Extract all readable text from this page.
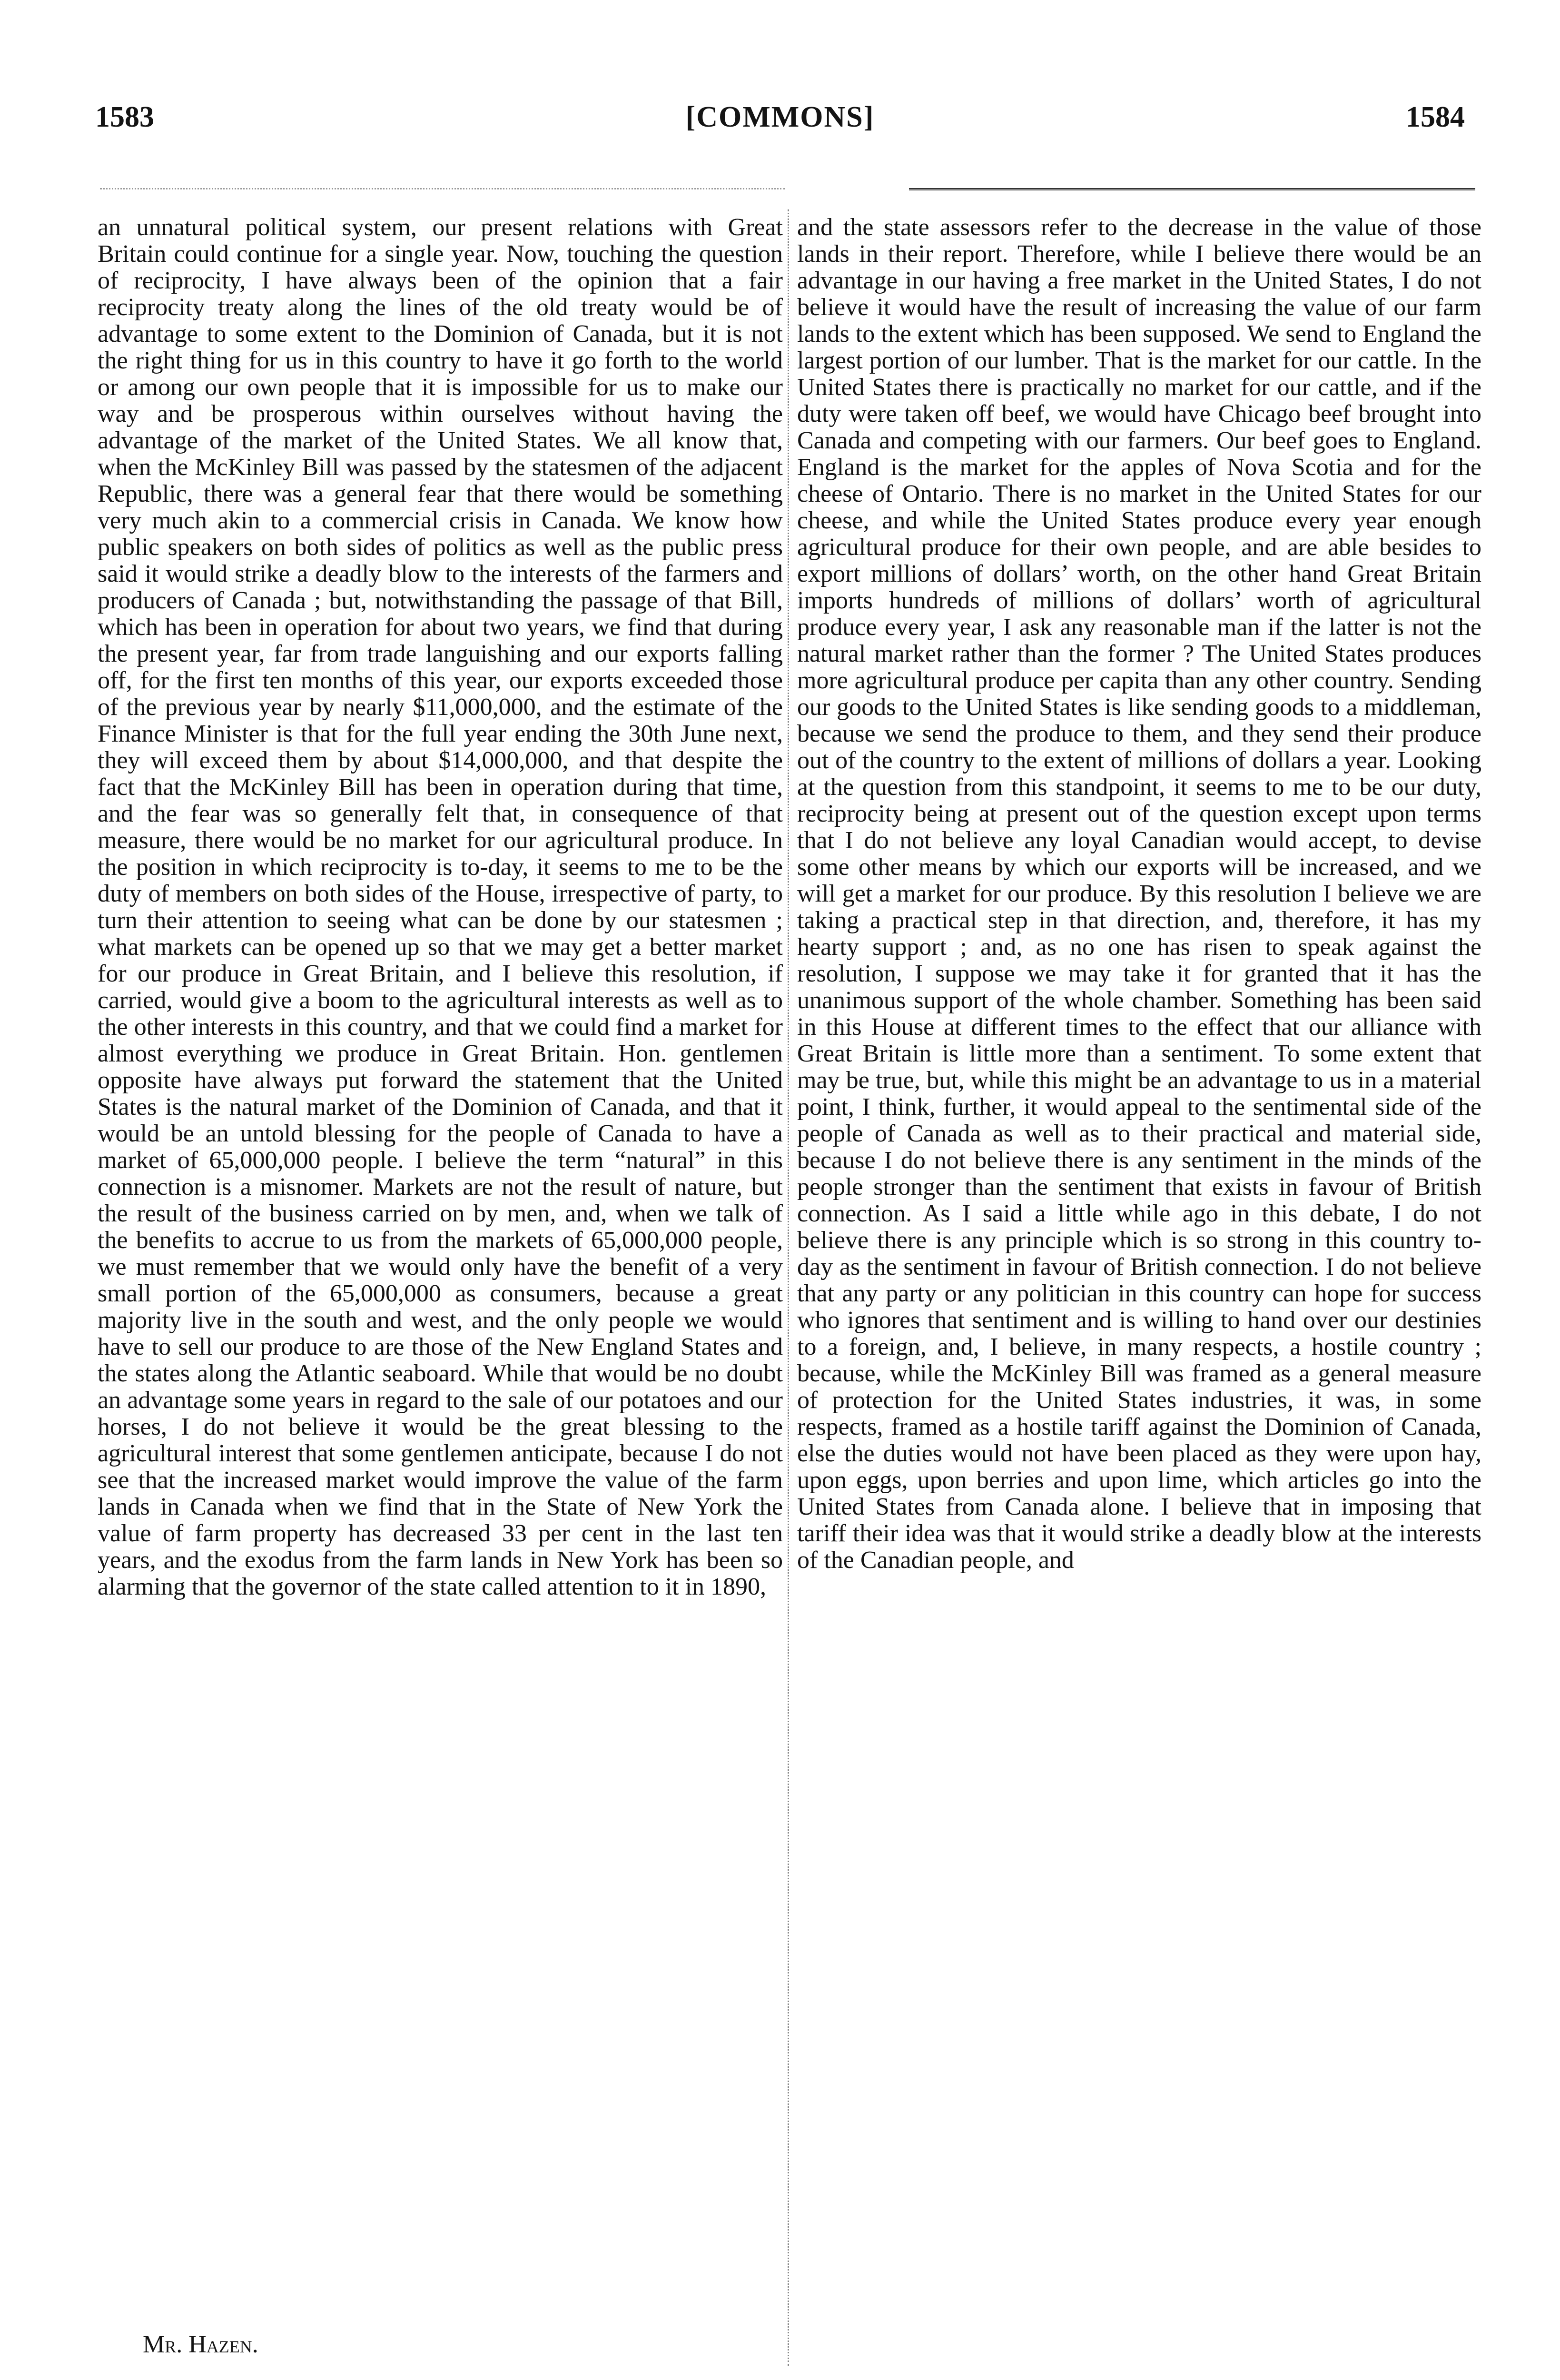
[COMMONS]
1583	1584

an unnatural political system, our present relations with Great Britain could continue for a single year. Now, touching the question of reciprocity, I have always been of the opinion that a fair reciprocity treaty along the lines of the old treaty would be of advantage to some extent to the Dominion of Canada, but it is not the right thing for us in this country to have it go forth to the world or among our own people that it is impossible for us to make our way and be prosperous within ourselves without having the advantage of the market of the United States. We all know that, when the McKinley Bill was passed by the statesmen of the adjacent Republic, there was a general fear that there would be something very much akin to a commercial crisis in Canada. We know how public speakers on both sides of politics as well as the public press said it would strike a deadly blow to the interests of the farmers and producers of Canada ; but, notwithstanding the passage of that Bill, which has been in operation for about two years, we find that during the present year, far from trade languishing and our exports falling off, for the first ten months of this year, our exports exceeded those of the previous year by nearly $11,000,000, and the estimate of the Finance Minister is that for the full year ending the 30th June next, they will exceed them by about $14,000,000, and that despite the fact that the McKinley Bill has been in operation during that time, and the fear was so generally felt that, in consequence of that measure, there would be no market for our agricultural produce. In the position in which reciprocity is to-day, it seems to me to be the duty of members on both sides of the House, irrespective of party, to turn their attention to seeing what can be done by our statesmen ; what markets can be opened up so that we may get a better market for our produce in Great Britain, and I believe this resolution, if carried, would give a boom to the agricultural interests as well as to the other interests in this country, and that we could find a market for almost everything we produce in Great Britain. Hon. gentlemen opposite have always put forward the statement that the United States is the natural market of the Dominion of Canada, and that it would be an untold blessing for the people of Canada to have a market of 65,000,000 people. I believe the term “natural” in this connection is a misnomer. Markets are not the result of nature, but the result of the business carried on by men, and, when we talk of the benefits to accrue to us from the markets of 65,000,000 people, we must remember that we would only have the benefit of a very small portion of the 65,000,000 as consumers, because a great majority live in the south and west, and the only people we would have to sell our produce to are those of the New England States and the states along the Atlantic seaboard. While that would be no doubt an advantage some years in regard to the sale of our potatoes and our horses, I do not believe it would be the great blessing to the agricultural interest that some gentlemen anticipate, because I do not see that the increased market would improve the value of the farm lands in Canada when we find that in the State of New York the value of farm property has decreased 33 per cent in the last ten years, and the exodus from the farm lands in New York has been so alarming that the governor of the state called attention to it in 1890,

and the state assessors refer to the decrease in the value of those lands in their report. Therefore, while I believe there would be an advantage in our having a free market in the United States, I do not believe it would have the result of increasing the value of our farm lands to the extent which has been supposed. We send to England the largest portion of our lumber. That is the market for our cattle. In the United States there is practically no market for our cattle, and if the duty were taken off beef, we would have Chicago beef brought into Canada and competing with our farmers. Our beef goes to England. England is the market for the apples of Nova Scotia and for the cheese of Ontario. There is no market in the United States for our cheese, and while the United States produce every year enough agricultural produce for their own people, and are able besides to export millions of dollars’ worth, on the other hand Great Britain imports hundreds of millions of dollars’ worth of agricultural produce every year, I ask any reasonable man if the latter is not the natural market rather than the former ? The United States produces more agricultural produce per capita than any other country. Sending our goods to the United States is like sending goods to a middleman, because we send the produce to them, and they send their produce out of the country to the extent of millions of dollars a year. Looking at the question from this standpoint, it seems to me to be our duty, reciprocity being at present out of the question except upon terms that I do not believe any loyal Canadian would accept, to devise some other means by which our exports will be increased, and we will get a market for our produce. By this resolution I believe we are taking a practical step in that direction, and, therefore, it has my hearty support ; and, as no one has risen to speak against the resolution, I suppose we may take it for granted that it has the unanimous support of the whole chamber. Something has been said in this House at different times to the effect that our alliance with Great Britain is little more than a sentiment. To some extent that may be true, but, while this might be an advantage to us in a material point, I think, further, it would appeal to the sentimental side of the people of Canada as well as to their practical and material side, because I do not believe there is any sentiment in the minds of the people stronger than the sentiment that exists in favour of British connection. As I said a little while ago in this debate, I do not believe there is any principle which is so strong in this country to-day as the sentiment in favour of British connection. I do not believe that any party or any politician in this country can hope for success who ignores that sentiment and is willing to hand over our destinies to a foreign, and, I believe, in many respects, a hostile country ; because, while the McKinley Bill was framed as a general measure of protection for the United States industries, it was, in some respects, framed as a hostile tariff against the Dominion of Canada, else the duties would not have been placed as they were upon hay, upon eggs, upon berries and upon lime, which articles go into the United States from Canada alone. I believe that in imposing that tariff their idea was that it would strike a deadly blow at the interests of the Canadian people, and

Mr. Hazen.
